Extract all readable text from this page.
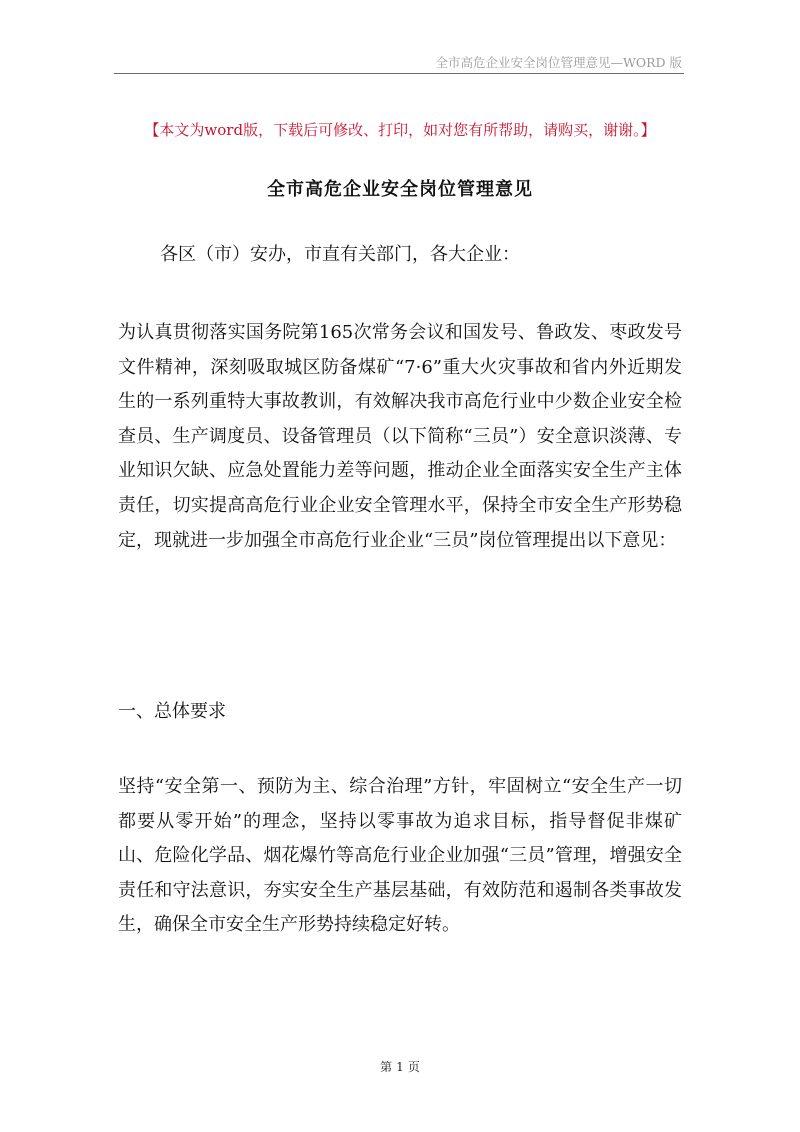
全市高危企业安全岗位管理意见—WORD 版
【本文为word版，下载后可修改、打印，如对您有所帮助，请购买，谢谢。】
全市高危企业安全岗位管理意见
各区（市）安办，市直有关部门，各大企业：
为认真贯彻落实国务院第165次常务会议和国发号、鲁政发、枣政发号文件精神，深刻吸取城区防备煤矿“7·6”重大火灾事故和省内外近期发生的一系列重特大事故教训，有效解决我市高危行业中少数企业安全检查员、生产调度员、设备管理员（以下简称“三员”）安全意识淡薄、专业知识欠缺、应急处置能力差等问题，推动企业全面落实安全生产主体责任，切实提高高危行业企业安全管理水平，保持全市安全生产形势稳定，现就进一步加强全市高危行业企业“三员”岗位管理提出以下意见：
一、总体要求
坚持“安全第一、预防为主、综合治理”方针，牢固树立“安全生产一切都要从零开始”的理念，坚持以零事故为追求目标，指导督促非煤矿山、危险化学品、烟花爆竹等高危行业企业加强“三员”管理，增强安全责任和守法意识，夯实安全生产基层基础，有效防范和遏制各类事故发生，确保全市安全生产形势持续稳定好转。
第 1 页
